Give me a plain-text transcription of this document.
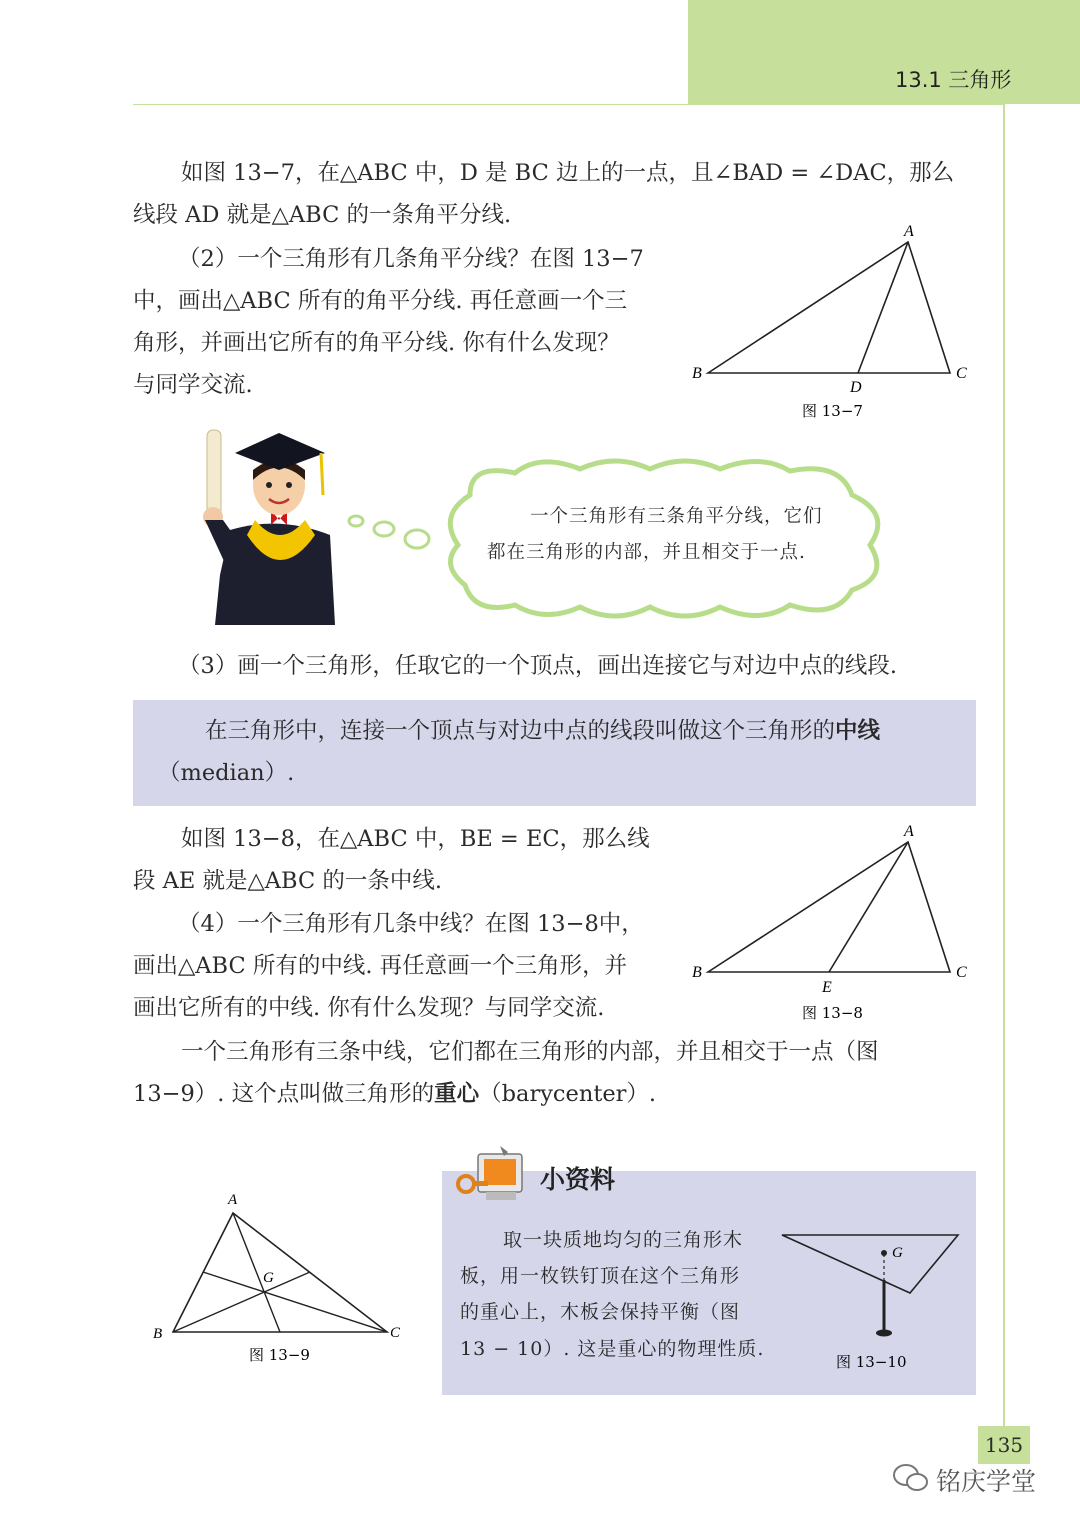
13.1 三角形
如图 13−7，在△ABC 中，D 是 BC 边上的一点，且∠BAD = ∠DAC，那么
线段 AD 就是△ABC 的一条角平分线.
（2）一个三角形有几条角平分线？在图 13−7
中，画出△ABC 所有的角平分线. 再任意画一个三
角形，并画出它所有的角平分线. 你有什么发现？
与同学交流.
A
B	C
D
图 13−7
一个三角形有三条角平分线，它们
都在三角形的内部，并且相交于一点.
（3）画一个三角形，任取它的一个顶点，画出连接它与对边中点的线段.
在三角形中，连接一个顶点与对边中点的线段叫做这个三角形的中线
（median）.
如图 13−8，在△ABC 中，BE = EC，那么线
段 AE 就是△ABC 的一条中线.
（4）一个三角形有几条中线？在图 13−8中，
画出△ABC 所有的中线. 再任意画一个三角形，并
画出它所有的中线. 你有什么发现？与同学交流.
A
B	C
E
图 13−8
一个三角形有三条中线，它们都在三角形的内部，并且相交于一点（图
13−9）. 这个点叫做三角形的重心（barycenter）.
A
B	C
G
图 13−9
小资料
取一块质地均匀的三角形木
板，用一枚铁钉顶在这个三角形
的重心上，木板会保持平衡（图
13 − 10）. 这是重心的物理性质.
G
图 13−10
135
铭庆学堂
